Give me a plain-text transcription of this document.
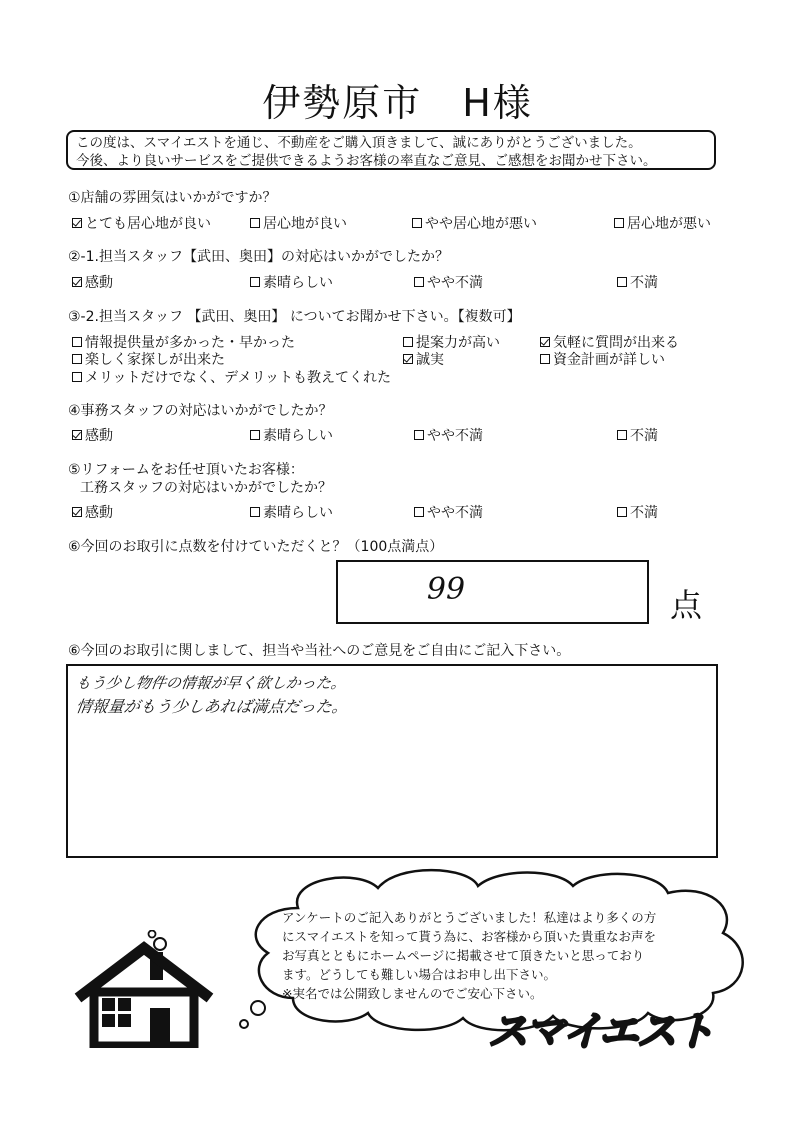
伊勢原市　H様
この度は、スマイエストを通じ、不動産をご購入頂きまして、誠にありがとうございました。
今後、より良いサービスをご提供できるようお客様の率直なご意見、ご感想をお聞かせ下さい。
①店舗の雰囲気はいかがですか？
とても居心地が良い	居心地が良い	やや居心地が悪い	居心地が悪い
②-1.担当スタッフ【武田、奥田】の対応はいかがでしたか？
感動	素晴らしい	やや不満	不満
③-2.担当スタッフ 【武田、奥田】 についてお聞かせ下さい。【複数可】
情報提供量が多かった・早かった	提案力が高い	気軽に質問が出来る
楽しく家探しが出来た	誠実	資金計画が詳しい
メリットだけでなく、デメリットも教えてくれた
④事務スタッフの対応はいかがでしたか？
感動	素晴らしい	やや不満	不満
⑤リフォームをお任せ頂いたお客様：
工務スタッフの対応はいかがでしたか？
感動	素晴らしい	やや不満	不満
⑥今回のお取引に点数を付けていただくと？（100点満点）
99	点
⑥今回のお取引に関しまして、担当や当社へのご意見をご自由にご記入下さい。
もう少し物件の情報が早く欲しかった。
情報量がもう少しあれば満点だった。
アンケートのご記入ありがとうございました！私達はより多くの方
にスマイエストを知って貰う為に、お客様から頂いた貴重なお声を
お写真とともにホームページに掲載させて頂きたいと思っており
ます。どうしても難しい場合はお申し出下さい。
※実名では公開致しませんのでご安心下さい。
スマイエスト
